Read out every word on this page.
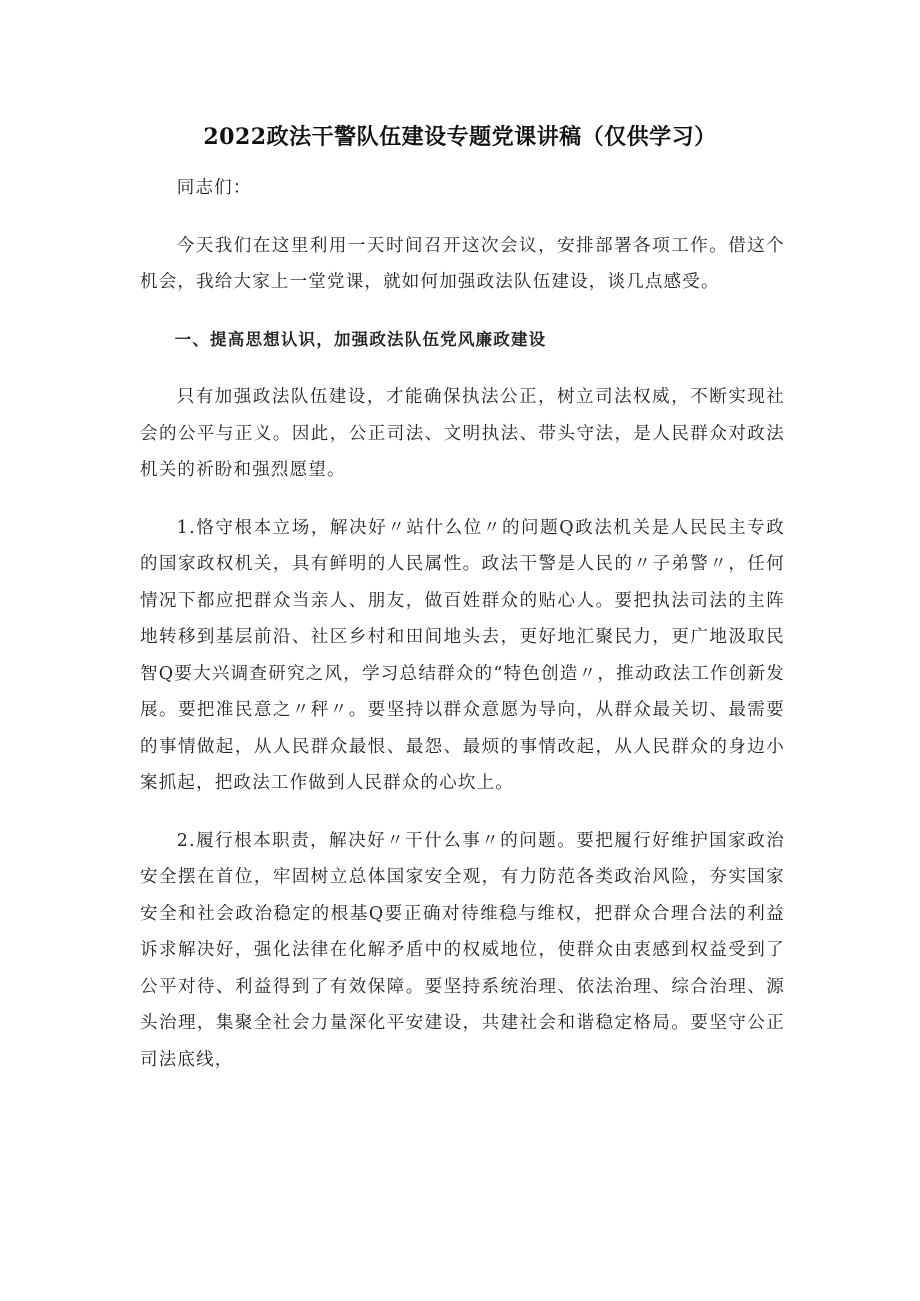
2022政法干警队伍建设专题党课讲稿（仅供学习）

同志们：

今天我们在这里利用一天时间召开这次会议，安排部署各项工作。借这个机会，我给大家上一堂党课，就如何加强政法队伍建设，谈几点感受。

一、提高思想认识，加强政法队伍党风廉政建设

只有加强政法队伍建设，才能确保执法公正，树立司法权威，不断实现社会的公平与正义。因此，公正司法、文明执法、带头守法，是人民群众对政法机关的祈盼和强烈愿望。

1.恪守根本立场，解决好〃站什么位〃的问题Q政法机关是人民民主专政的国家政权机关，具有鲜明的人民属性。政法干警是人民的〃子弟警〃，任何情况下都应把群众当亲人、朋友，做百姓群众的贴心人。要把执法司法的主阵地转移到基层前沿、社区乡村和田间地头去，更好地汇聚民力，更广地汲取民智Q要大兴调查研究之风，学习总结群众的“特色创造〃，推动政法工作创新发展。要把准民意之〃秤〃。要坚持以群众意愿为导向，从群众最关切、最需要的事情做起，从人民群众最恨、最怨、最烦的事情改起，从人民群众的身边小案抓起，把政法工作做到人民群众的心坎上。

2.履行根本职责，解决好〃干什么事〃的问题。要把履行好维护国家政治安全摆在首位，牢固树立总体国家安全观，有力防范各类政治风险，夯实国家安全和社会政治稳定的根基Q要正确对待维稳与维权，把群众合理合法的利益诉求解决好，强化法律在化解矛盾中的权威地位，使群众由衷感到权益受到了公平对待、利益得到了有效保障。要坚持系统治理、依法治理、综合治理、源头治理，集聚全社会力量深化平安建设，共建社会和谐稳定格局。要坚守公正司法底线，
